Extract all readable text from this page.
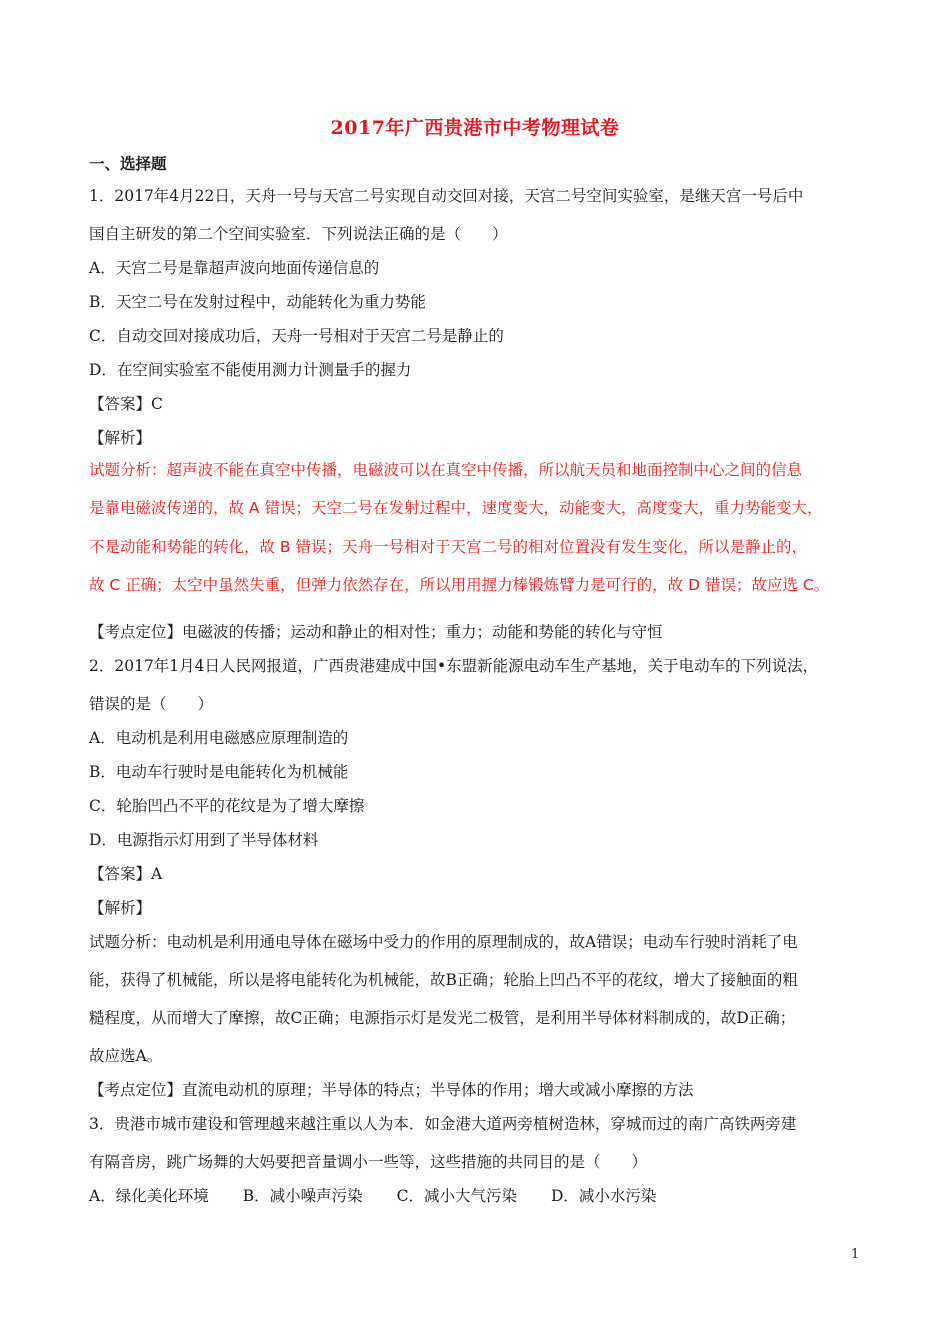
2017年广西贵港市中考物理试卷
一、选择题
1．2017年4月22日，天舟一号与天宫二号实现自动交回对接，天宫二号空间实验室，是继天宫一号后中
国自主研发的第二个空间实验室．下列说法正确的是（　　）
A．天宫二号是靠超声波向地面传递信息的
B．天空二号在发射过程中，动能转化为重力势能
C．自动交回对接成功后，天舟一号相对于天宫二号是静止的
D．在空间实验室不能使用测力计测量手的握力
【答案】C
【解析】
试题分析：超声波不能在真空中传播，电磁波可以在真空中传播，所以航天员和地面控制中心之间的信息
是靠电磁波传递的，故 A 错误；天空二号在发射过程中，速度变大，动能变大，高度变大，重力势能变大，
不是动能和势能的转化，故 B 错误；天舟一号相对于天宫二号的相对位置没有发生变化，所以是静止的，
故 C 正确；太空中虽然失重，但弹力依然存在，所以用用握力棒锻炼臂力是可行的，故 D 错误；故应选 C。
【考点定位】电磁波的传播；运动和静止的相对性；重力；动能和势能的转化与守恒
2．2017年1月4日人民网报道，广西贵港建成中国•东盟新能源电动车生产基地，关于电动车的下列说法，
错误的是（　　）
A．电动机是利用电磁感应原理制造的
B．电动车行驶时是电能转化为机械能
C．轮胎凹凸不平的花纹是为了增大摩擦
D．电源指示灯用到了半导体材料
【答案】A
【解析】
试题分析：电动机是利用通电导体在磁场中受力的作用的原理制成的，故A错误；电动车行驶时消耗了电
能，获得了机械能，所以是将电能转化为机械能，故B正确；轮胎上凹凸不平的花纹，增大了接触面的粗
糙程度，从而增大了摩擦，故C正确；电源指示灯是发光二极管，是利用半导体材料制成的，故D正确；
故应选A。
【考点定位】直流电动机的原理；半导体的特点；半导体的作用；增大或减小摩擦的方法
3．贵港市城市建设和管理越来越注重以人为本．如金港大道两旁植树造林，穿城而过的南广高铁两旁建
有隔音房，跳广场舞的大妈要把音量调小一些等，这些措施的共同目的是（　　）
A．绿化美化环境 B．减小噪声污染 C．减小大气污染 D．减小水污染
1
